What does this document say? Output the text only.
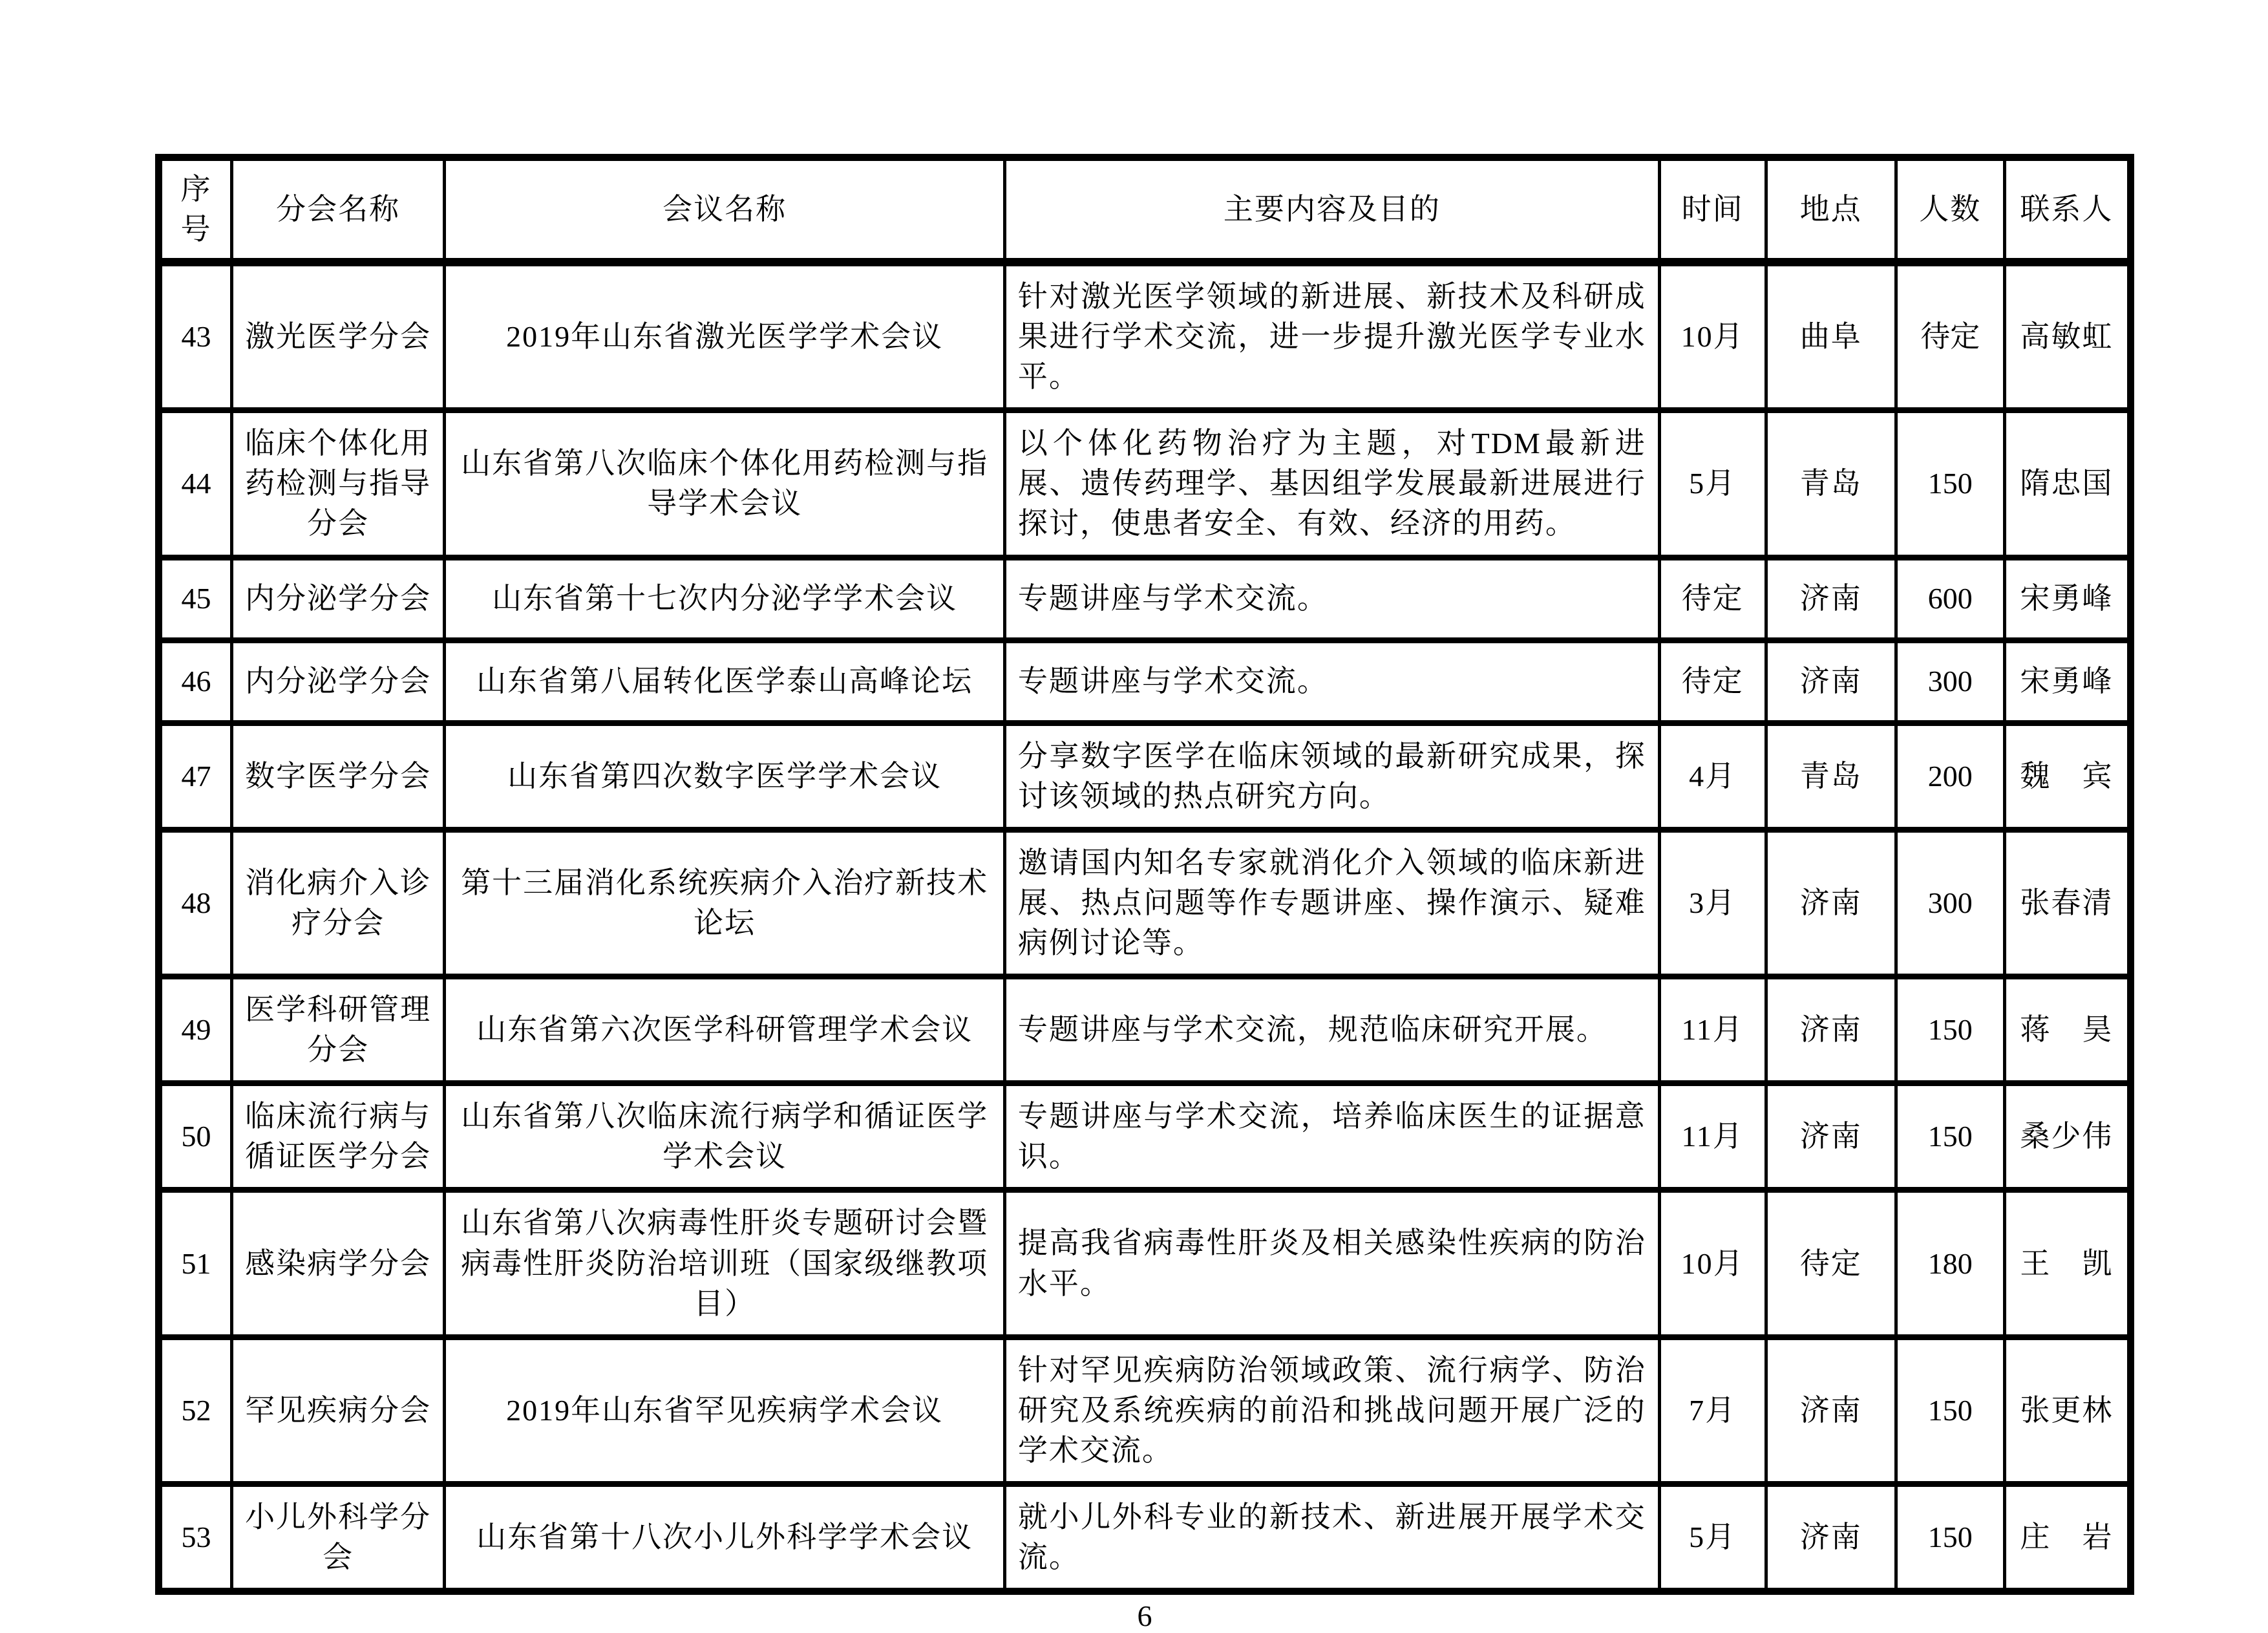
序号	分会名称	会议名称	主要内容及目的	时间	地点	人数	联系人
43	激光医学分会	2019年山东省激光医学学术会议	针对激光医学领域的新进展、新技术及科研成果进行学术交流，进一步提升激光医学专业水平。	10月	曲阜	待定	高敏虹
44	临床个体化用药检测与指导分会	山东省第八次临床个体化用药检测与指导学术会议	以个体化药物治疗为主题，对TDM最新进展、遗传药理学、基因组学发展最新进展进行探讨，使患者安全、有效、经济的用药。	5月	青岛	150	隋忠国
45	内分泌学分会	山东省第十七次内分泌学学术会议	专题讲座与学术交流。	待定	济南	600	宋勇峰
46	内分泌学分会	山东省第八届转化医学泰山高峰论坛	专题讲座与学术交流。	待定	济南	300	宋勇峰
47	数字医学分会	山东省第四次数字医学学术会议	分享数字医学在临床领域的最新研究成果，探讨该领域的热点研究方向。	4月	青岛	200	魏　宾
48	消化病介入诊疗分会	第十三届消化系统疾病介入治疗新技术论坛	邀请国内知名专家就消化介入领域的临床新进展、热点问题等作专题讲座、操作演示、疑难病例讨论等。	3月	济南	300	张春清
49	医学科研管理分会	山东省第六次医学科研管理学术会议	专题讲座与学术交流，规范临床研究开展。	11月	济南	150	蒋　昊
50	临床流行病与循证医学分会	山东省第八次临床流行病学和循证医学学术会议	专题讲座与学术交流，培养临床医生的证据意识。	11月	济南	150	桑少伟
51	感染病学分会	山东省第八次病毒性肝炎专题研讨会暨病毒性肝炎防治培训班（国家级继教项目）	提高我省病毒性肝炎及相关感染性疾病的防治水平。	10月	待定	180	王　凯
52	罕见疾病分会	2019年山东省罕见疾病学术会议	针对罕见疾病防治领域政策、流行病学、防治研究及系统疾病的前沿和挑战问题开展广泛的学术交流。	7月	济南	150	张更林
53	小儿外科学分会	山东省第十八次小儿外科学学术会议	就小儿外科专业的新技术、新进展开展学术交流。	5月	济南	150	庄　岩
6
